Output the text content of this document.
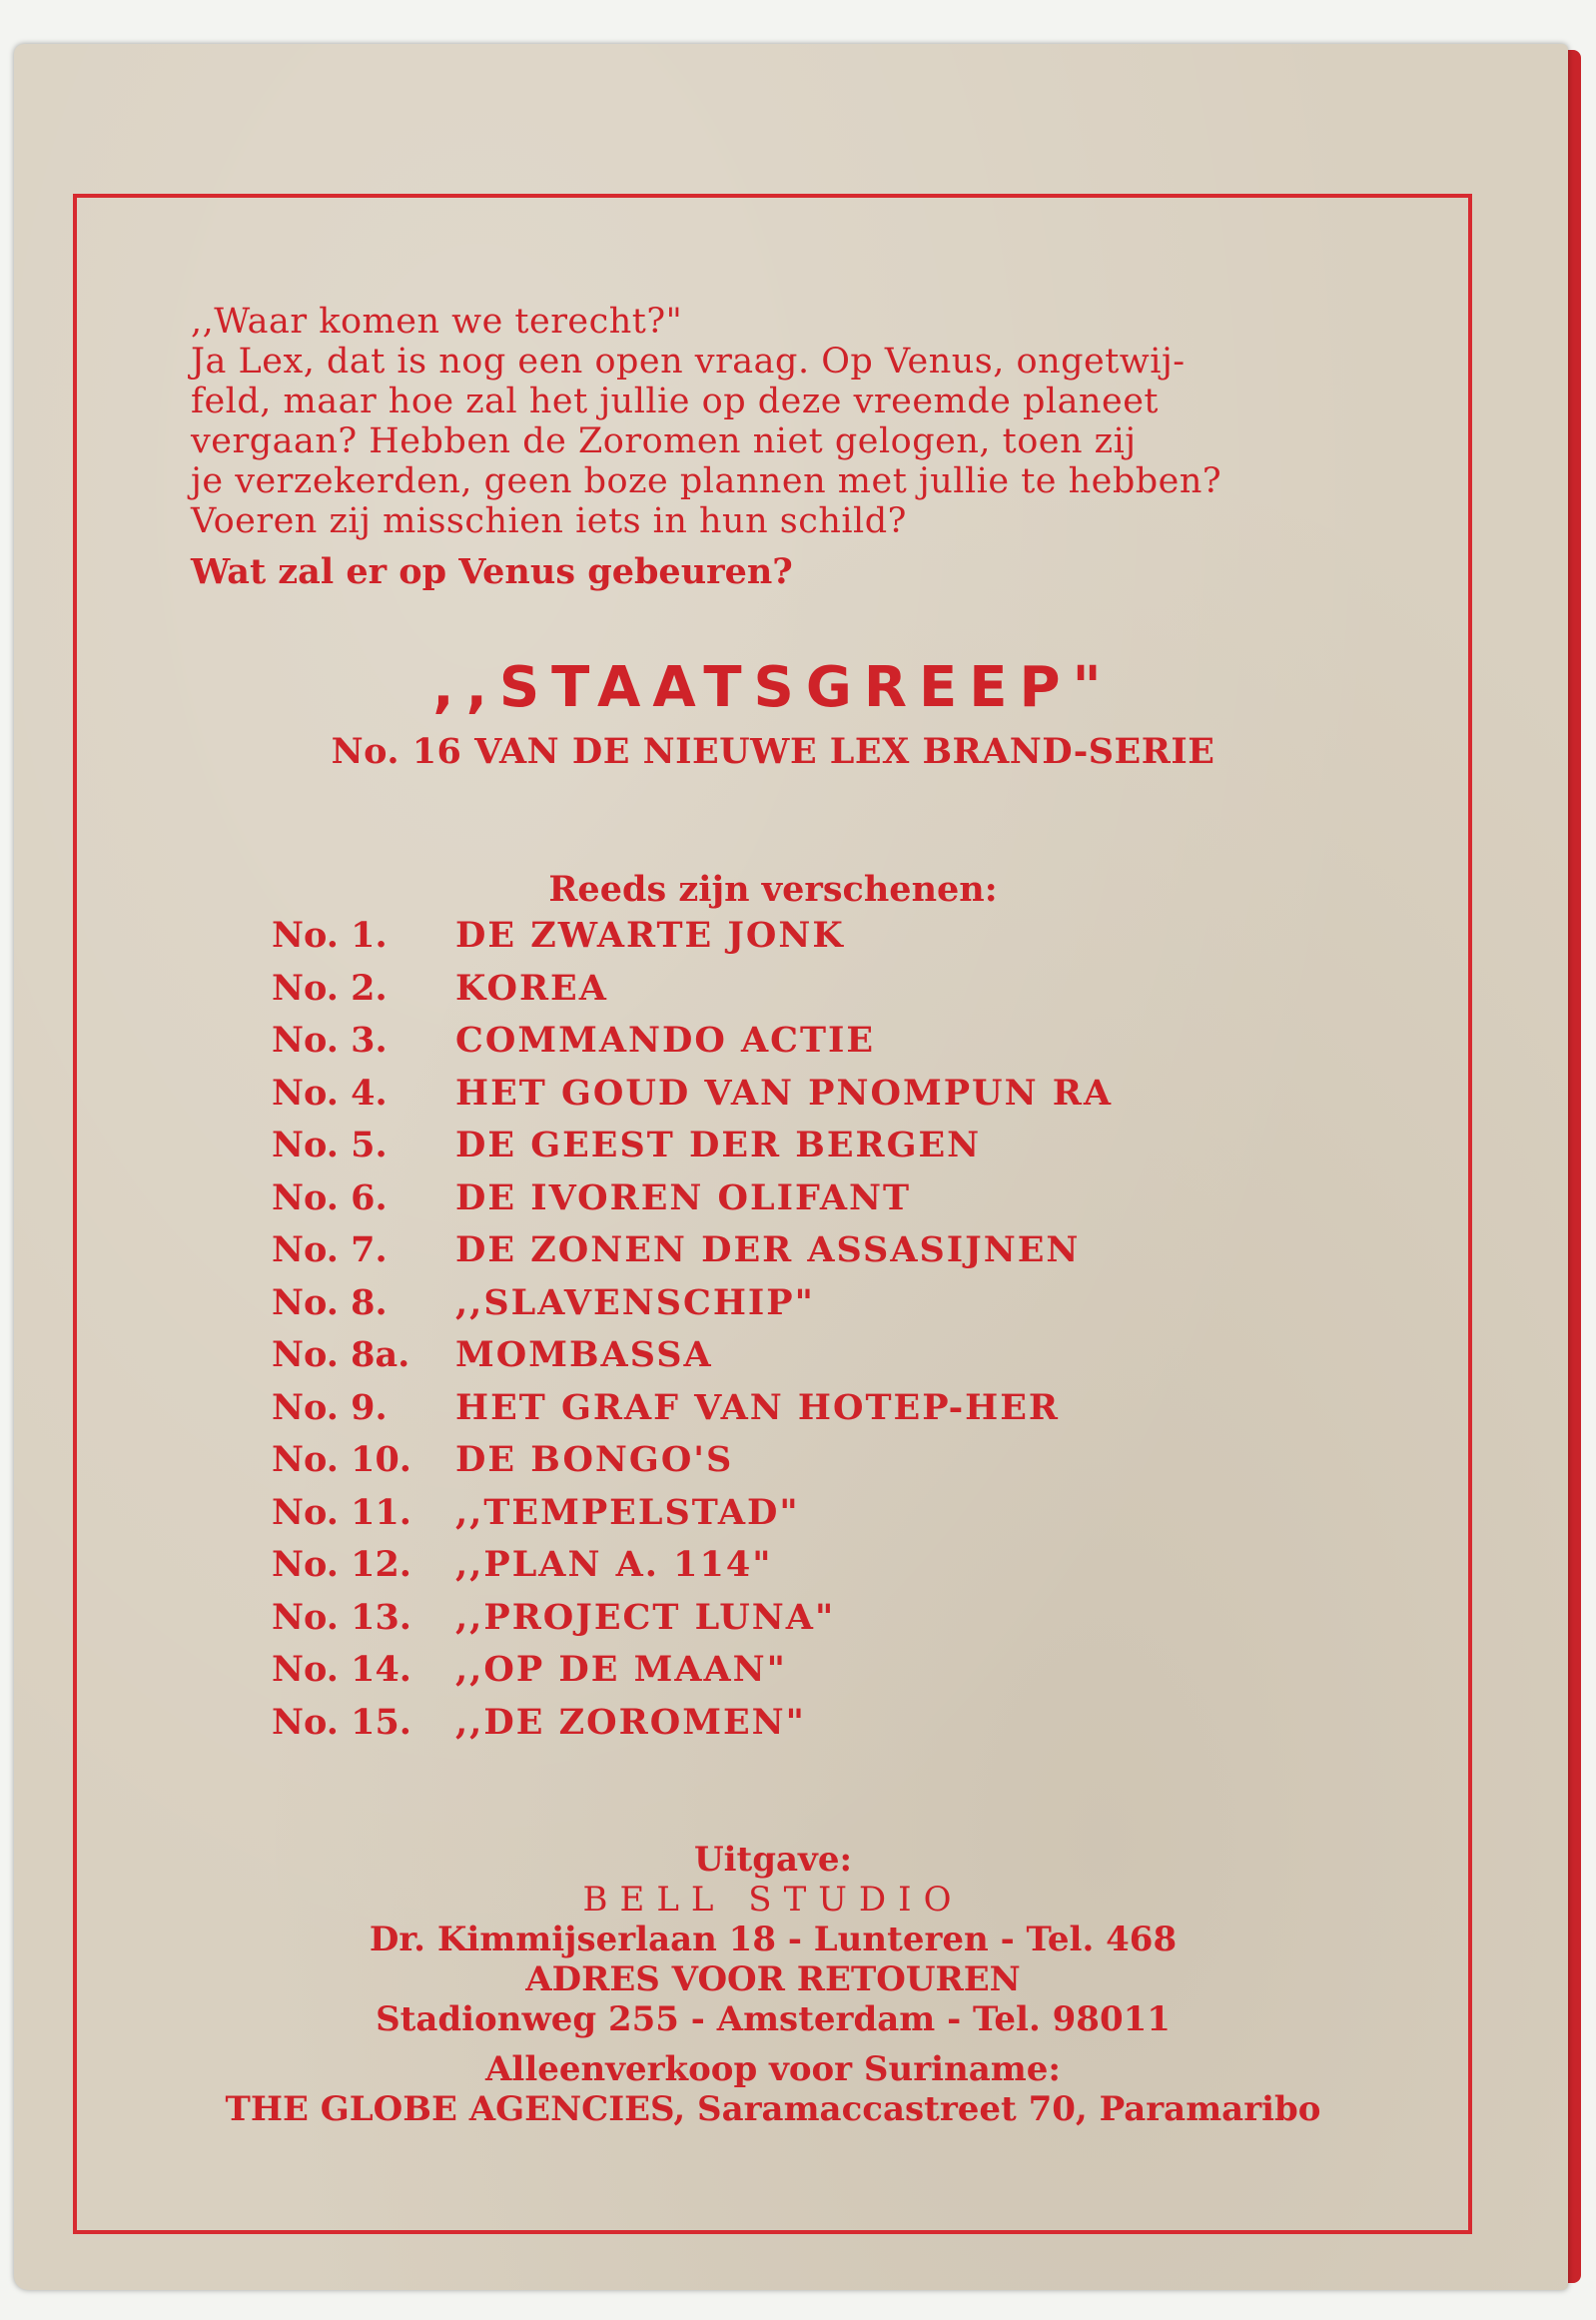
,,Waar komen we terecht?"
Ja Lex, dat is nog een open vraag. Op Venus, ongetwij-
feld, maar hoe zal het jullie op deze vreemde planeet
vergaan? Hebben de Zoromen niet gelogen, toen zij
je verzekerden, geen boze plannen met jullie te hebben?
Voeren zij misschien iets in hun schild?
Wat zal er op Venus gebeuren?
,,STAATSGREEP"
No. 16 VAN DE NIEUWE LEX BRAND-SERIE
Reeds zijn verschenen:
No. 1. DE ZWARTE JONK
No. 2. KOREA
No. 3. COMMANDO ACTIE
No. 4. HET GOUD VAN PNOMPUN RA
No. 5. DE GEEST DER BERGEN
No. 6. DE IVOREN OLIFANT
No. 7. DE ZONEN DER ASSASIJNEN
No. 8. ,,SLAVENSCHIP"
No. 8a. MOMBASSA
No. 9. HET GRAF VAN HOTEP-HER
No. 10. DE BONGO'S
No. 11. ,,TEMPELSTAD"
No. 12. ,,PLAN A. 114"
No. 13. ,,PROJECT LUNA"
No. 14. ,,OP DE MAAN"
No. 15. ,,DE ZOROMEN"
Uitgave:
BELL STUDIO
Dr. Kimmijserlaan 18 - Lunteren - Tel. 468
ADRES VOOR RETOUREN
Stadionweg 255 - Amsterdam - Tel. 98011
Alleenverkoop voor Suriname:
THE GLOBE AGENCIES, Saramaccastreet 70, Paramaribo
